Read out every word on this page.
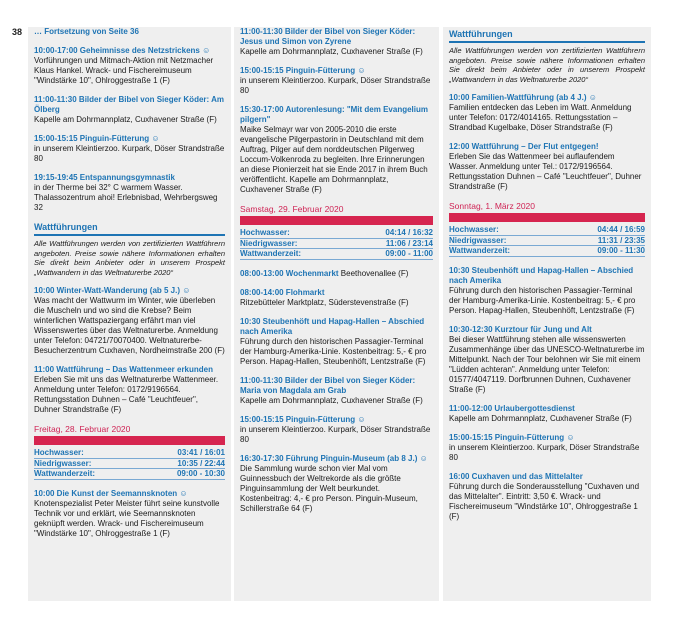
38 … Fortsetzung von Seite 36
10:00-17:00 Geheimnisse des Netzstrickens ☺
Vorführungen und Mitmach-Aktion mit Netzmacher Klaus Hankel. Wrack- und Fischereimuseum "Windstärke 10", Ohlroggestraße 1 (F)
11:00-11:30 Bilder der Bibel von Sieger Köder: Am Ölberg
Kapelle am Dohrmannplatz, Cuxhavener Straße (F)
15:00-15:15 Pinguin-Fütterung ☺
in unserem Kleintierzoo. Kurpark, Döser Strandstraße 80
19:15-19:45 Entspannungsgymnastik
in der Therme bei 32° C warmem Wasser. Thalassozentrum ahoi! Erlebnisbad, Wehrbergsweg 32
Wattführungen
Alle Wattführungen werden von zertifizierten Wattführern angeboten. Preise sowie nähere Informationen erhalten Sie direkt beim Anbieter oder in unserem Prospekt „Wattwandern in das Weltnaturerbe 2020“
10:00 Winter-Watt-Wanderung (ab 5 J.) ☺
Was macht der Wattwurm im Winter, wie überleben die Muscheln und wo sind die Krebse? Beim winterlichen Wattspaziergang erfährt man viel Wissenswertes über das Weltnaturerbe. Anmeldung unter Telefon: 04721/70070400. Weltnaturerbe-Besucherzentrum Cuxhaven, Nordheimstraße 200 (F)
11:00 Wattführung – Das Wattenmeer erkunden
Erleben Sie mit uns das Weltnaturerbe Wattenmeer. Anmeldung unter Telefon: 0172/9196564. Rettungsstation Duhnen – Café "Leuchtfeuer", Duhner Strandstraße (F)
Freitag, 28. Februar 2020
Hochwasser:	03:41 / 16:01
Niedrigwasser:	10:35 / 22:44
Wattwanderzeit:	09:00 - 10:30
10:00 Die Kunst der Seemannsknoten ☺
Knotenspezialist Peter Meister führt seine kunstvolle Technik vor und erklärt, wie Seemannsknoten geknüpft werden. Wrack- und Fischereimuseum "Windstärke 10", Ohlroggestraße 1 (F)
11:00-11:30 Bilder der Bibel von Sieger Köder: Jesus und Simon von Zyrene
Kapelle am Dohrmannplatz, Cuxhavener Straße (F)
15:00-15:15 Pinguin-Fütterung ☺
in unserem Kleintierzoo. Kurpark, Döser Strandstraße 80
15:30-17:00 Autorenlesung: "Mit dem Evangelium pilgern"
Maike Selmayr war von 2005-2010 die erste evangelische Pilgerpastorin in Deutschland mit dem Auftrag, Pilger auf dem norddeutschen Pilgerweg Loccum-Volkenroda zu begleiten. Ihre Erinnerungen an diese Pionierzeit hat sie Ende 2017 in ihrem Buch veröffentlicht. Kapelle am Dohrmannplatz, Cuxhavener Straße (F)
Samstag, 29. Februar 2020
Hochwasser:	04:14 / 16:32
Niedrigwasser:	11:06 / 23:14
Wattwanderzeit:	09:00 - 11:00
08:00-13:00 Wochenmarkt Beethovenallee (F)
08:00-14:00 Flohmarkt
Ritzebütteler Marktplatz, Süderstevenstraße (F)
10:30 Steubenhöft und Hapag-Hallen – Abschied nach Amerika
Führung durch den historischen Passagier-Terminal der Hamburg-Amerika-Linie. Kostenbeitrag: 5,- € pro Person. Hapag-Hallen, Steubenhöft, Lentzstraße (F)
11:00-11:30 Bilder der Bibel von Sieger Köder: Maria von Magdala am Grab
Kapelle am Dohrmannplatz, Cuxhavener Straße (F)
15:00-15:15 Pinguin-Fütterung ☺
in unserem Kleintierzoo. Kurpark, Döser Strandstraße 80
16:30-17:30 Führung Pinguin-Museum (ab 8 J.) ☺
Die Sammlung wurde schon vier Mal vom Guinnessbuch der Weltrekorde als die größte Pinguinsammlung der Welt beurkundet. Kostenbeitrag: 4,- € pro Person. Pinguin-Museum, Schillerstraße 64 (F)
Wattführungen
Alle Wattführungen werden von zertifizierten Wattführern angeboten. Preise sowie nähere Informationen erhalten Sie direkt beim Anbieter oder in unserem Prospekt „Wattwandern in das Weltnaturerbe 2020“
10:00 Familien-Wattführung (ab 4 J.) ☺
Familien entdecken das Leben im Watt. Anmeldung unter Telefon: 0172/4014165. Rettungsstation – Strandbad Kugelbake, Döser Strandstraße (F)
12:00 Wattführung – Der Flut entgegen!
Erleben Sie das Wattenmeer bei auflaufendem Wasser. Anmeldung unter Tel.: 0172/9196564. Rettungsstation Duhnen – Café "Leuchtfeuer", Duhner Strandstraße (F)
Sonntag, 1. März 2020
Hochwasser:	04:44 / 16:59
Niedrigwasser:	11:31 / 23:35
Wattwanderzeit:	09:00 - 11:30
10:30 Steubenhöft und Hapag-Hallen – Abschied nach Amerika
Führung durch den historischen Passagier-Terminal der Hamburg-Amerika-Linie. Kostenbeitrag: 5,- € pro Person. Hapag-Hallen, Steubenhöft, Lentzstraße (F)
10:30-12:30 Kurztour für Jung und Alt
Bei dieser Wattführung stehen alle wissenswerten Zusammenhänge über das UNESCO-Weltnaturerbe im Mittelpunkt. Nach der Tour belohnen wir Sie mit einem "Lüdden achteran". Anmeldung unter Telefon: 01577/4047119. Dorfbrunnen Duhnen, Cuxhavener Straße (F)
11:00-12:00 Urlaubergottesdienst
Kapelle am Dohrmannplatz, Cuxhavener Straße (F)
15:00-15:15 Pinguin-Fütterung ☺
in unserem Kleintierzoo. Kurpark, Döser Strandstraße 80
16:00 Cuxhaven und das Mittelalter
Führung durch die Sonderausstellung "Cuxhaven und das Mittelalter". Eintritt: 3,50 €. Wrack- und Fischereimuseum "Windstärke 10", Ohlroggestraße 1 (F)
